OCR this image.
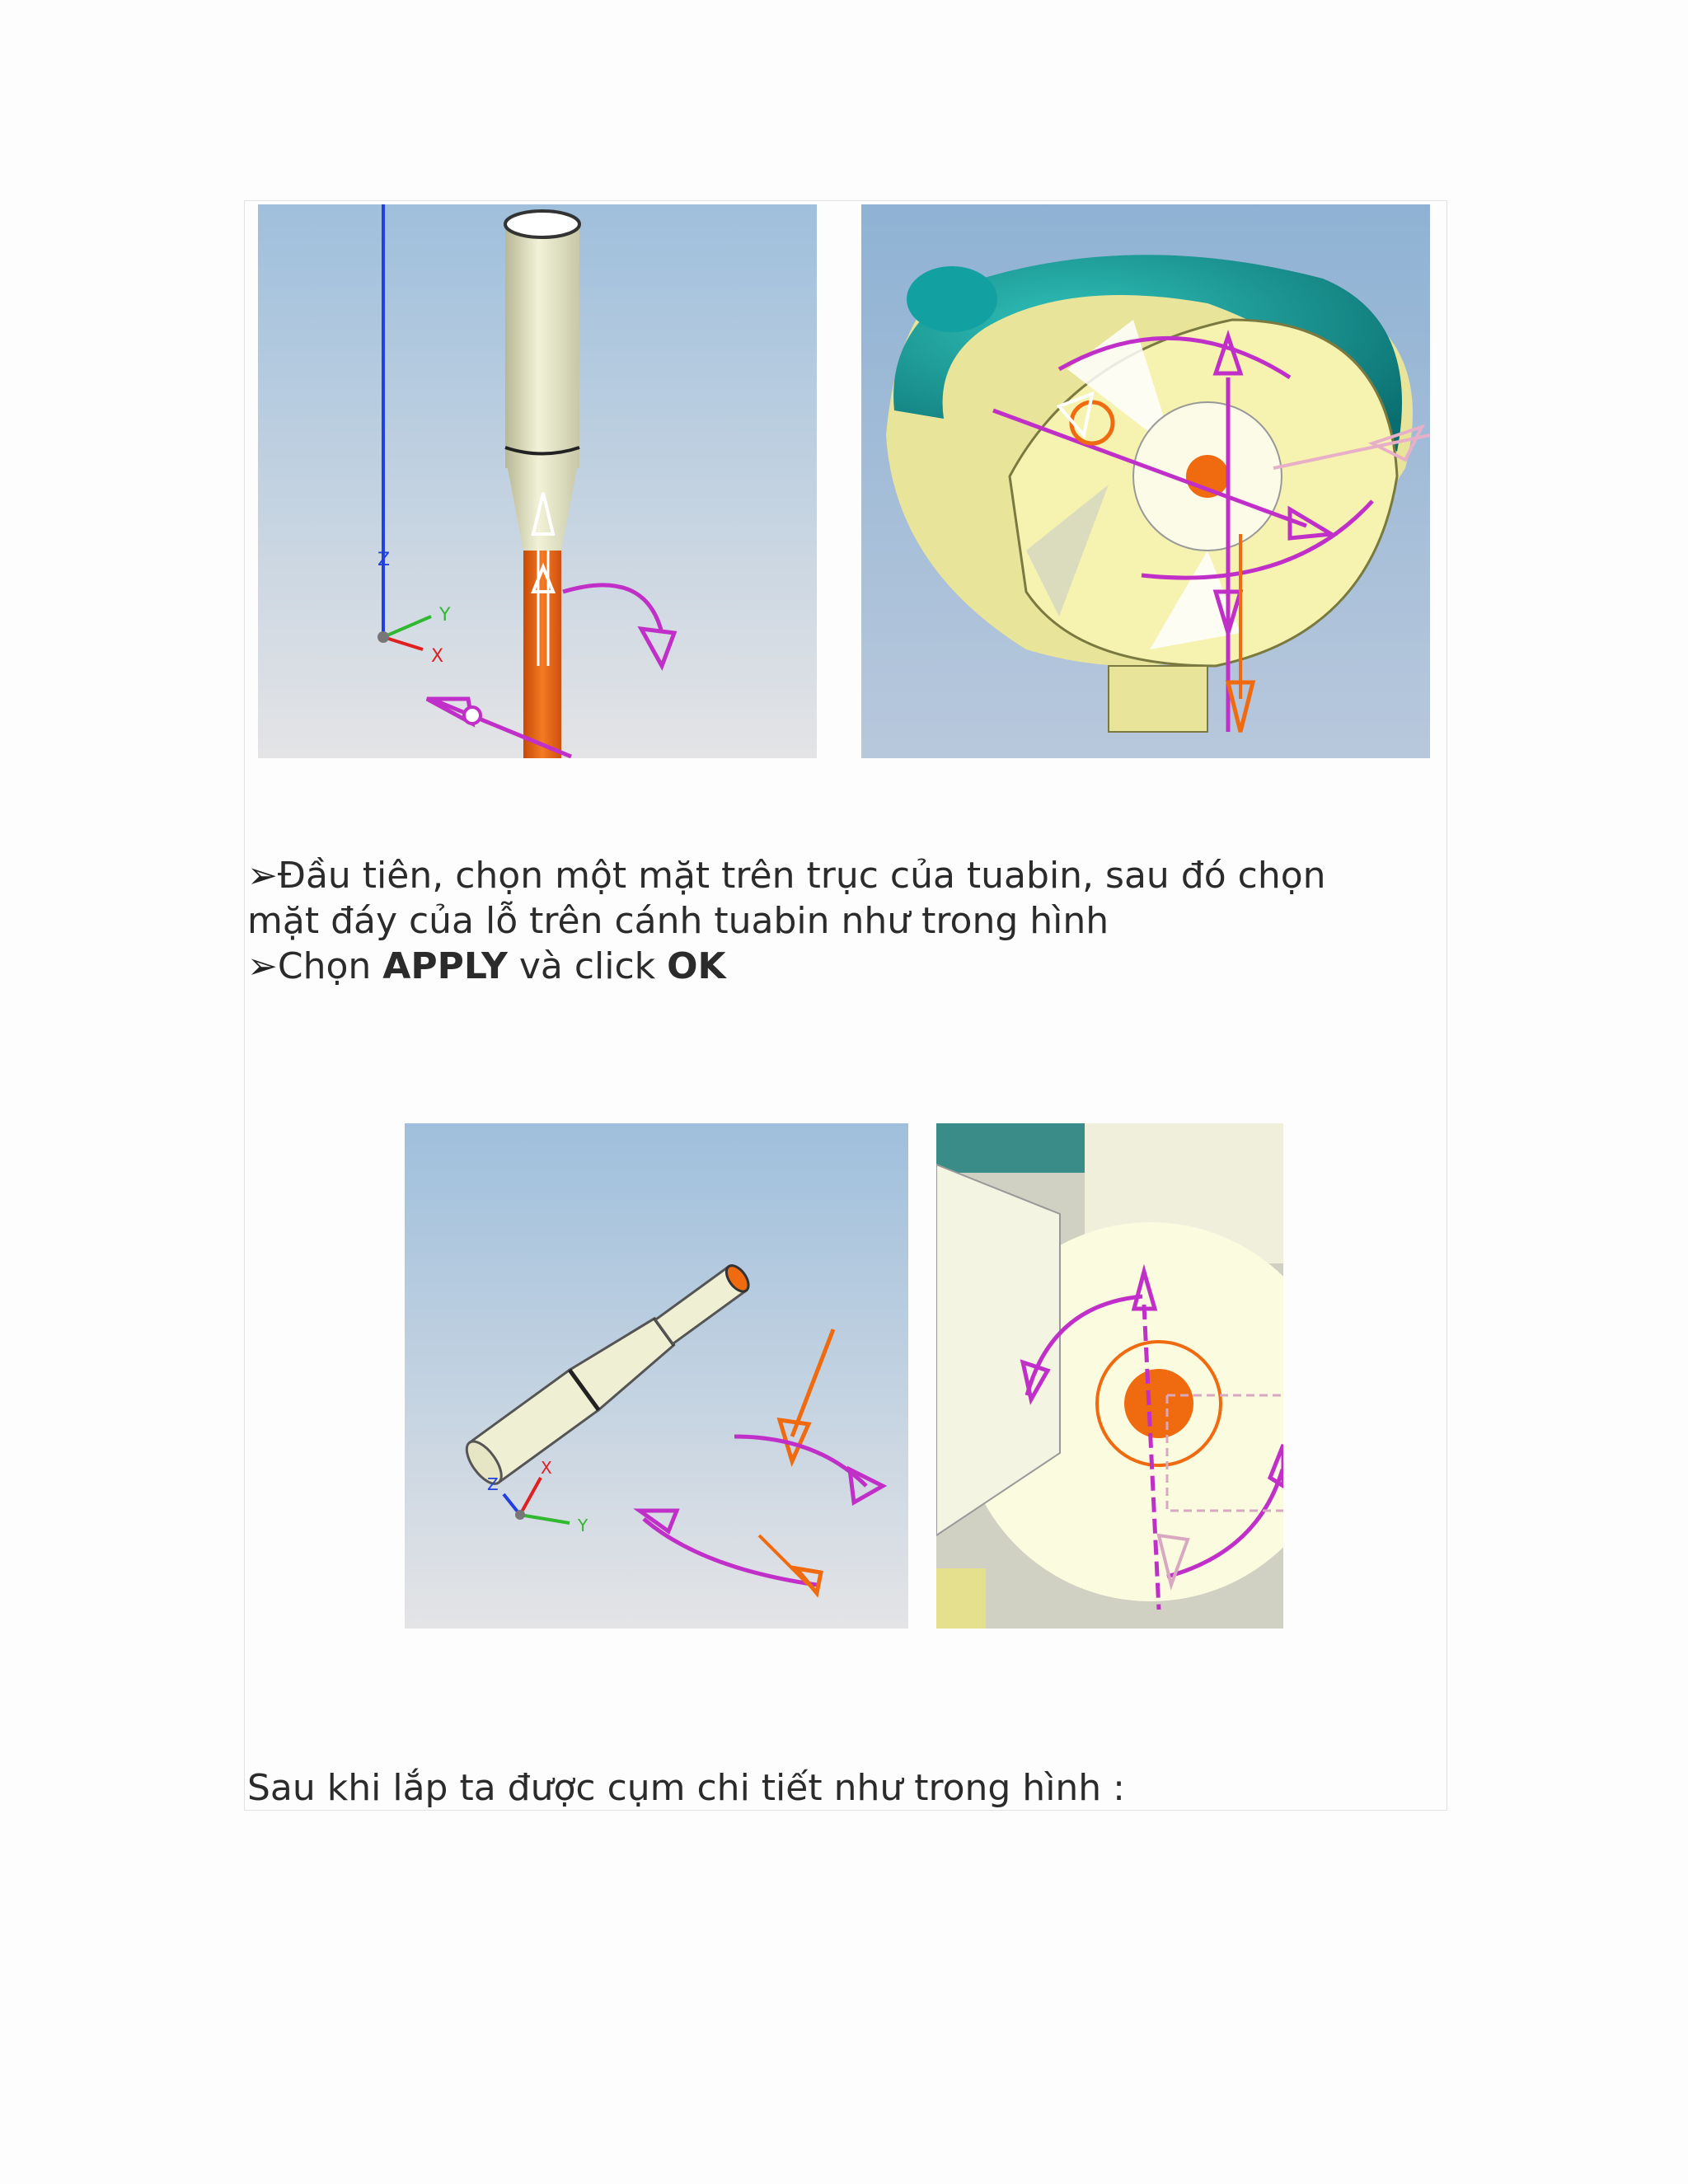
Z
Y
X
➢Đầu tiên, chọn một mặt trên trục của tuabin, sau đó chọn
mặt đáy của lỗ trên cánh tuabin như trong hình
➢Chọn APPLY và click OK
Z
X
Y
Sau khi lắp ta được cụm chi tiết như trong hình :
